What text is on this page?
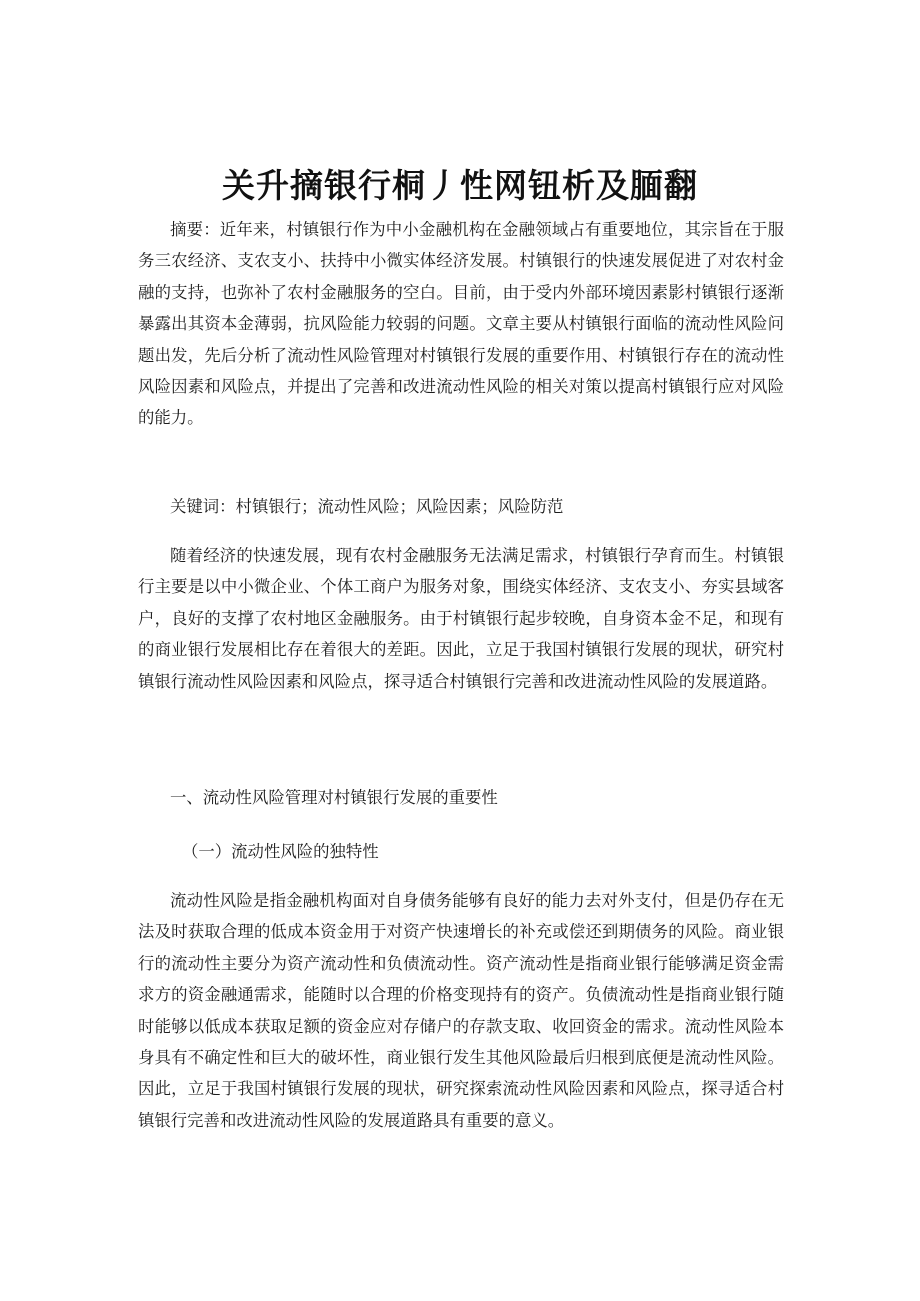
关升摘银行桐丿性网钮析及腼翻

摘要：近年来，村镇银行作为中小金融机构在金融领域占有重要地位，其宗旨在于服务三农经济、支农支小、扶持中小微实体经济发展。村镇银行的快速发展促进了对农村金融的支持，也弥补了农村金融服务的空白。目前，由于受内外部环境因素影村镇银行逐渐暴露出其资本金薄弱，抗风险能力较弱的问题。文章主要从村镇银行面临的流动性风险问题出发，先后分析了流动性风险管理对村镇银行发展的重要作用、村镇银行存在的流动性风险因素和风险点，并提出了完善和改进流动性风险的相关对策以提高村镇银行应对风险的能力。

关键词：村镇银行；流动性风险；风险因素；风险防范

随着经济的快速发展，现有农村金融服务无法满足需求，村镇银行孕育而生。村镇银行主要是以中小微企业、个体工商户为服务对象，围绕实体经济、支农支小、夯实县域客户，良好的支撑了农村地区金融服务。由于村镇银行起步较晚，自身资本金不足，和现有的商业银行发展相比存在着很大的差距。因此，立足于我国村镇银行发展的现状，研究村镇银行流动性风险因素和风险点，探寻适合村镇银行完善和改进流动性风险的发展道路。

一、流动性风险管理对村镇银行发展的重要性

（一）流动性风险的独特性

流动性风险是指金融机构面对自身债务能够有良好的能力去对外支付，但是仍存在无法及时获取合理的低成本资金用于对资产快速增长的补充或偿还到期债务的风险。商业银行的流动性主要分为资产流动性和负债流动性。资产流动性是指商业银行能够满足资金需求方的资金融通需求，能随时以合理的价格变现持有的资产。负债流动性是指商业银行随时能够以低成本获取足额的资金应对存储户的存款支取、收回资金的需求。流动性风险本身具有不确定性和巨大的破坏性，商业银行发生其他风险最后归根到底便是流动性风险。因此，立足于我国村镇银行发展的现状，研究探索流动性风险因素和风险点，探寻适合村镇银行完善和改进流动性风险的发展道路具有重要的意义。
